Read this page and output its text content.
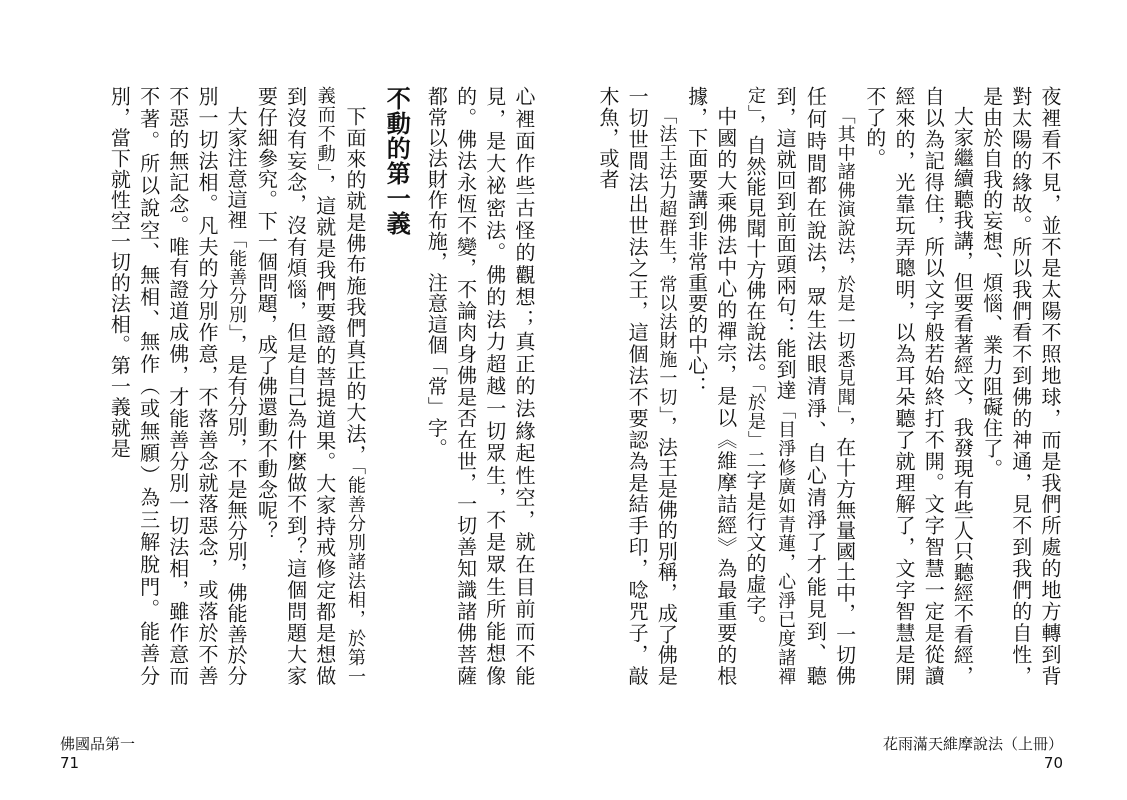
心裡面作些古怪的觀想；真正的法緣起性空，就在目前而不能見，是大祕密法。佛的法力超越一切眾生，不是眾生所能想像的。佛法永恆不變，不論肉身佛是否在世，一切善知識諸佛菩薩都常以法財作布施，注意這個「常」字。

不動的第一義

下面來的就是佛布施我們真正的大法，「能善分別諸法相，於第一義而不動」，這就是我們要證的菩提道果。大家持戒修定都是想做到沒有妄念，沒有煩惱，但是自己為什麼做不到？這個問題大家要仔細參究。下一個問題，成了佛還動不動念呢？

大家注意這裡「能善分別」，是有分別，不是無分別，佛能善於分別一切法相。凡夫的分別作意，不落善念就落惡念，或落於不善不惡的無記念。唯有證道成佛，才能善分別一切法相，雖作意而不著。所以說空、無相、無作（或無願）為三解脫門。能善分別，當下就性空一切的法相。第一義就是

佛國品第一
71

夜裡看不見，並不是太陽不照地球，而是我們所處的地方轉到背對太陽的緣故。所以我們看不到佛的神通，見不到我們的自性，是由於自我的妄想、煩惱、業力阻礙住了。

大家繼續聽我講，但要看著經文，我發現有些人只聽經不看經，自以為記得住，所以文字般若始終打不開。文字智慧一定是從讀經來的，光靠玩弄聰明，以為耳朵聽了就理解了，文字智慧是開不了的。

「其中諸佛演說法，於是一切悉見聞」，在十方無量國土中，一切佛任何時間都在說法，眾生法眼清淨、自心清淨了才能見到、聽到，這就回到前面頭兩句：能到達「目淨修廣如青蓮，心淨已度諸禪定」，自然能見聞十方佛在說法。「於是」二字是行文的虛字。

中國的大乘佛法中心的禪宗，是以《維摩詰經》為最重要的根據，下面要講到非常重要的中心：

「法王法力超群生，常以法財施一切」，法王是佛的別稱，成了佛是一切世間法出世法之王，這個法不要認為是結手印，唸咒子，敲木魚，或者

花雨滿天維摩說法（上冊）
70
